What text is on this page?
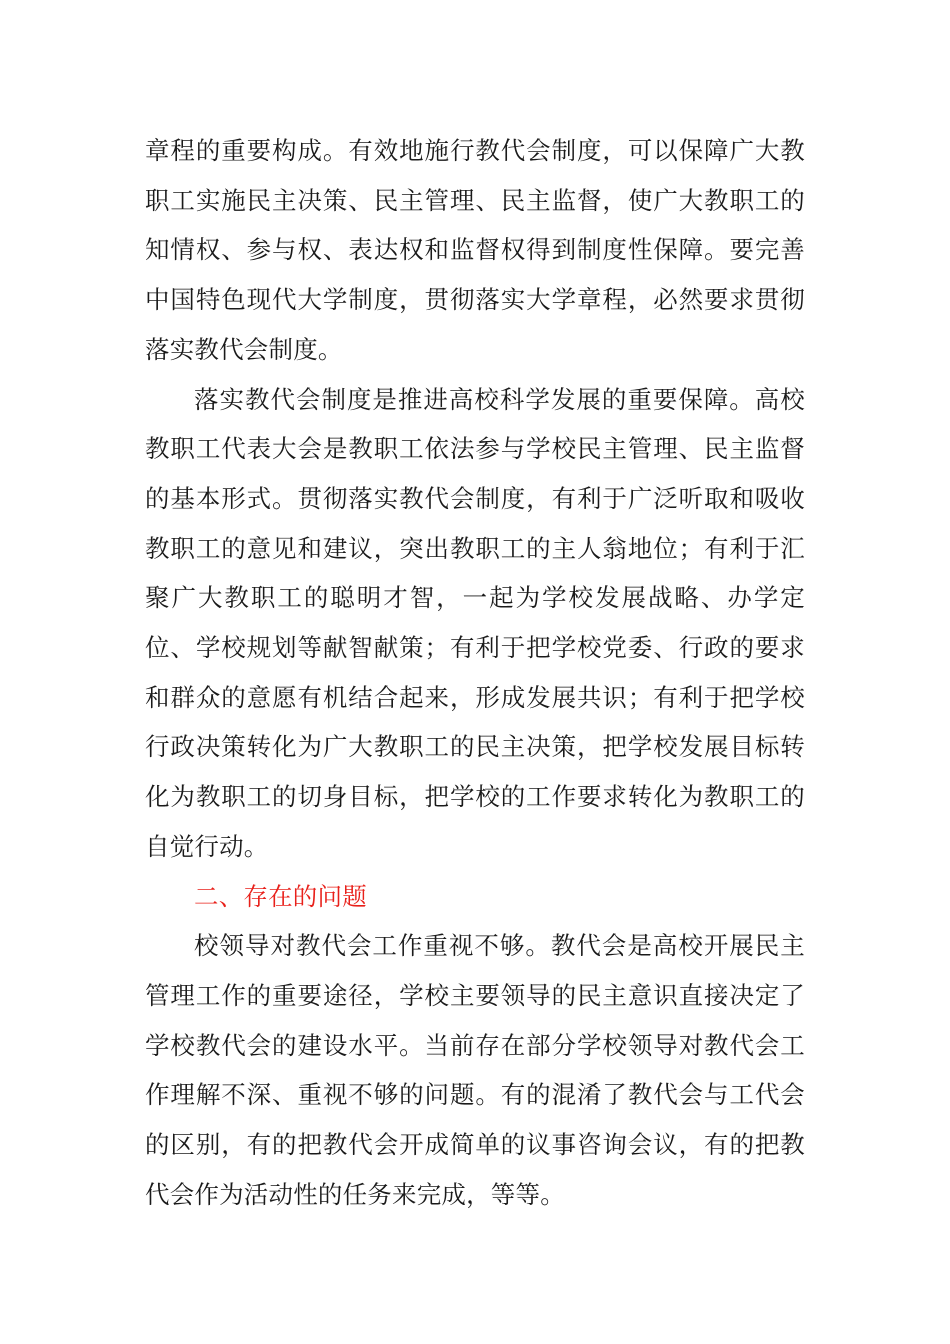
章程的重要构成。有效地施行教代会制度，可以保障广大教职工实施民主决策、民主管理、民主监督，使广大教职工的知情权、参与权、表达权和监督权得到制度性保障。要完善中国特色现代大学制度，贯彻落实大学章程，必然要求贯彻落实教代会制度。

落实教代会制度是推进高校科学发展的重要保障。高校教职工代表大会是教职工依法参与学校民主管理、民主监督的基本形式。贯彻落实教代会制度，有利于广泛听取和吸收教职工的意见和建议，突出教职工的主人翁地位；有利于汇聚广大教职工的聪明才智，一起为学校发展战略、办学定位、学校规划等献智献策；有利于把学校党委、行政的要求和群众的意愿有机结合起来，形成发展共识；有利于把学校行政决策转化为广大教职工的民主决策，把学校发展目标转化为教职工的切身目标，把学校的工作要求转化为教职工的自觉行动。

二、存在的问题

校领导对教代会工作重视不够。教代会是高校开展民主管理工作的重要途径，学校主要领导的民主意识直接决定了学校教代会的建设水平。当前存在部分学校领导对教代会工作理解不深、重视不够的问题。有的混淆了教代会与工代会的区别，有的把教代会开成简单的议事咨询会议，有的把教代会作为活动性的任务来完成，等等。
